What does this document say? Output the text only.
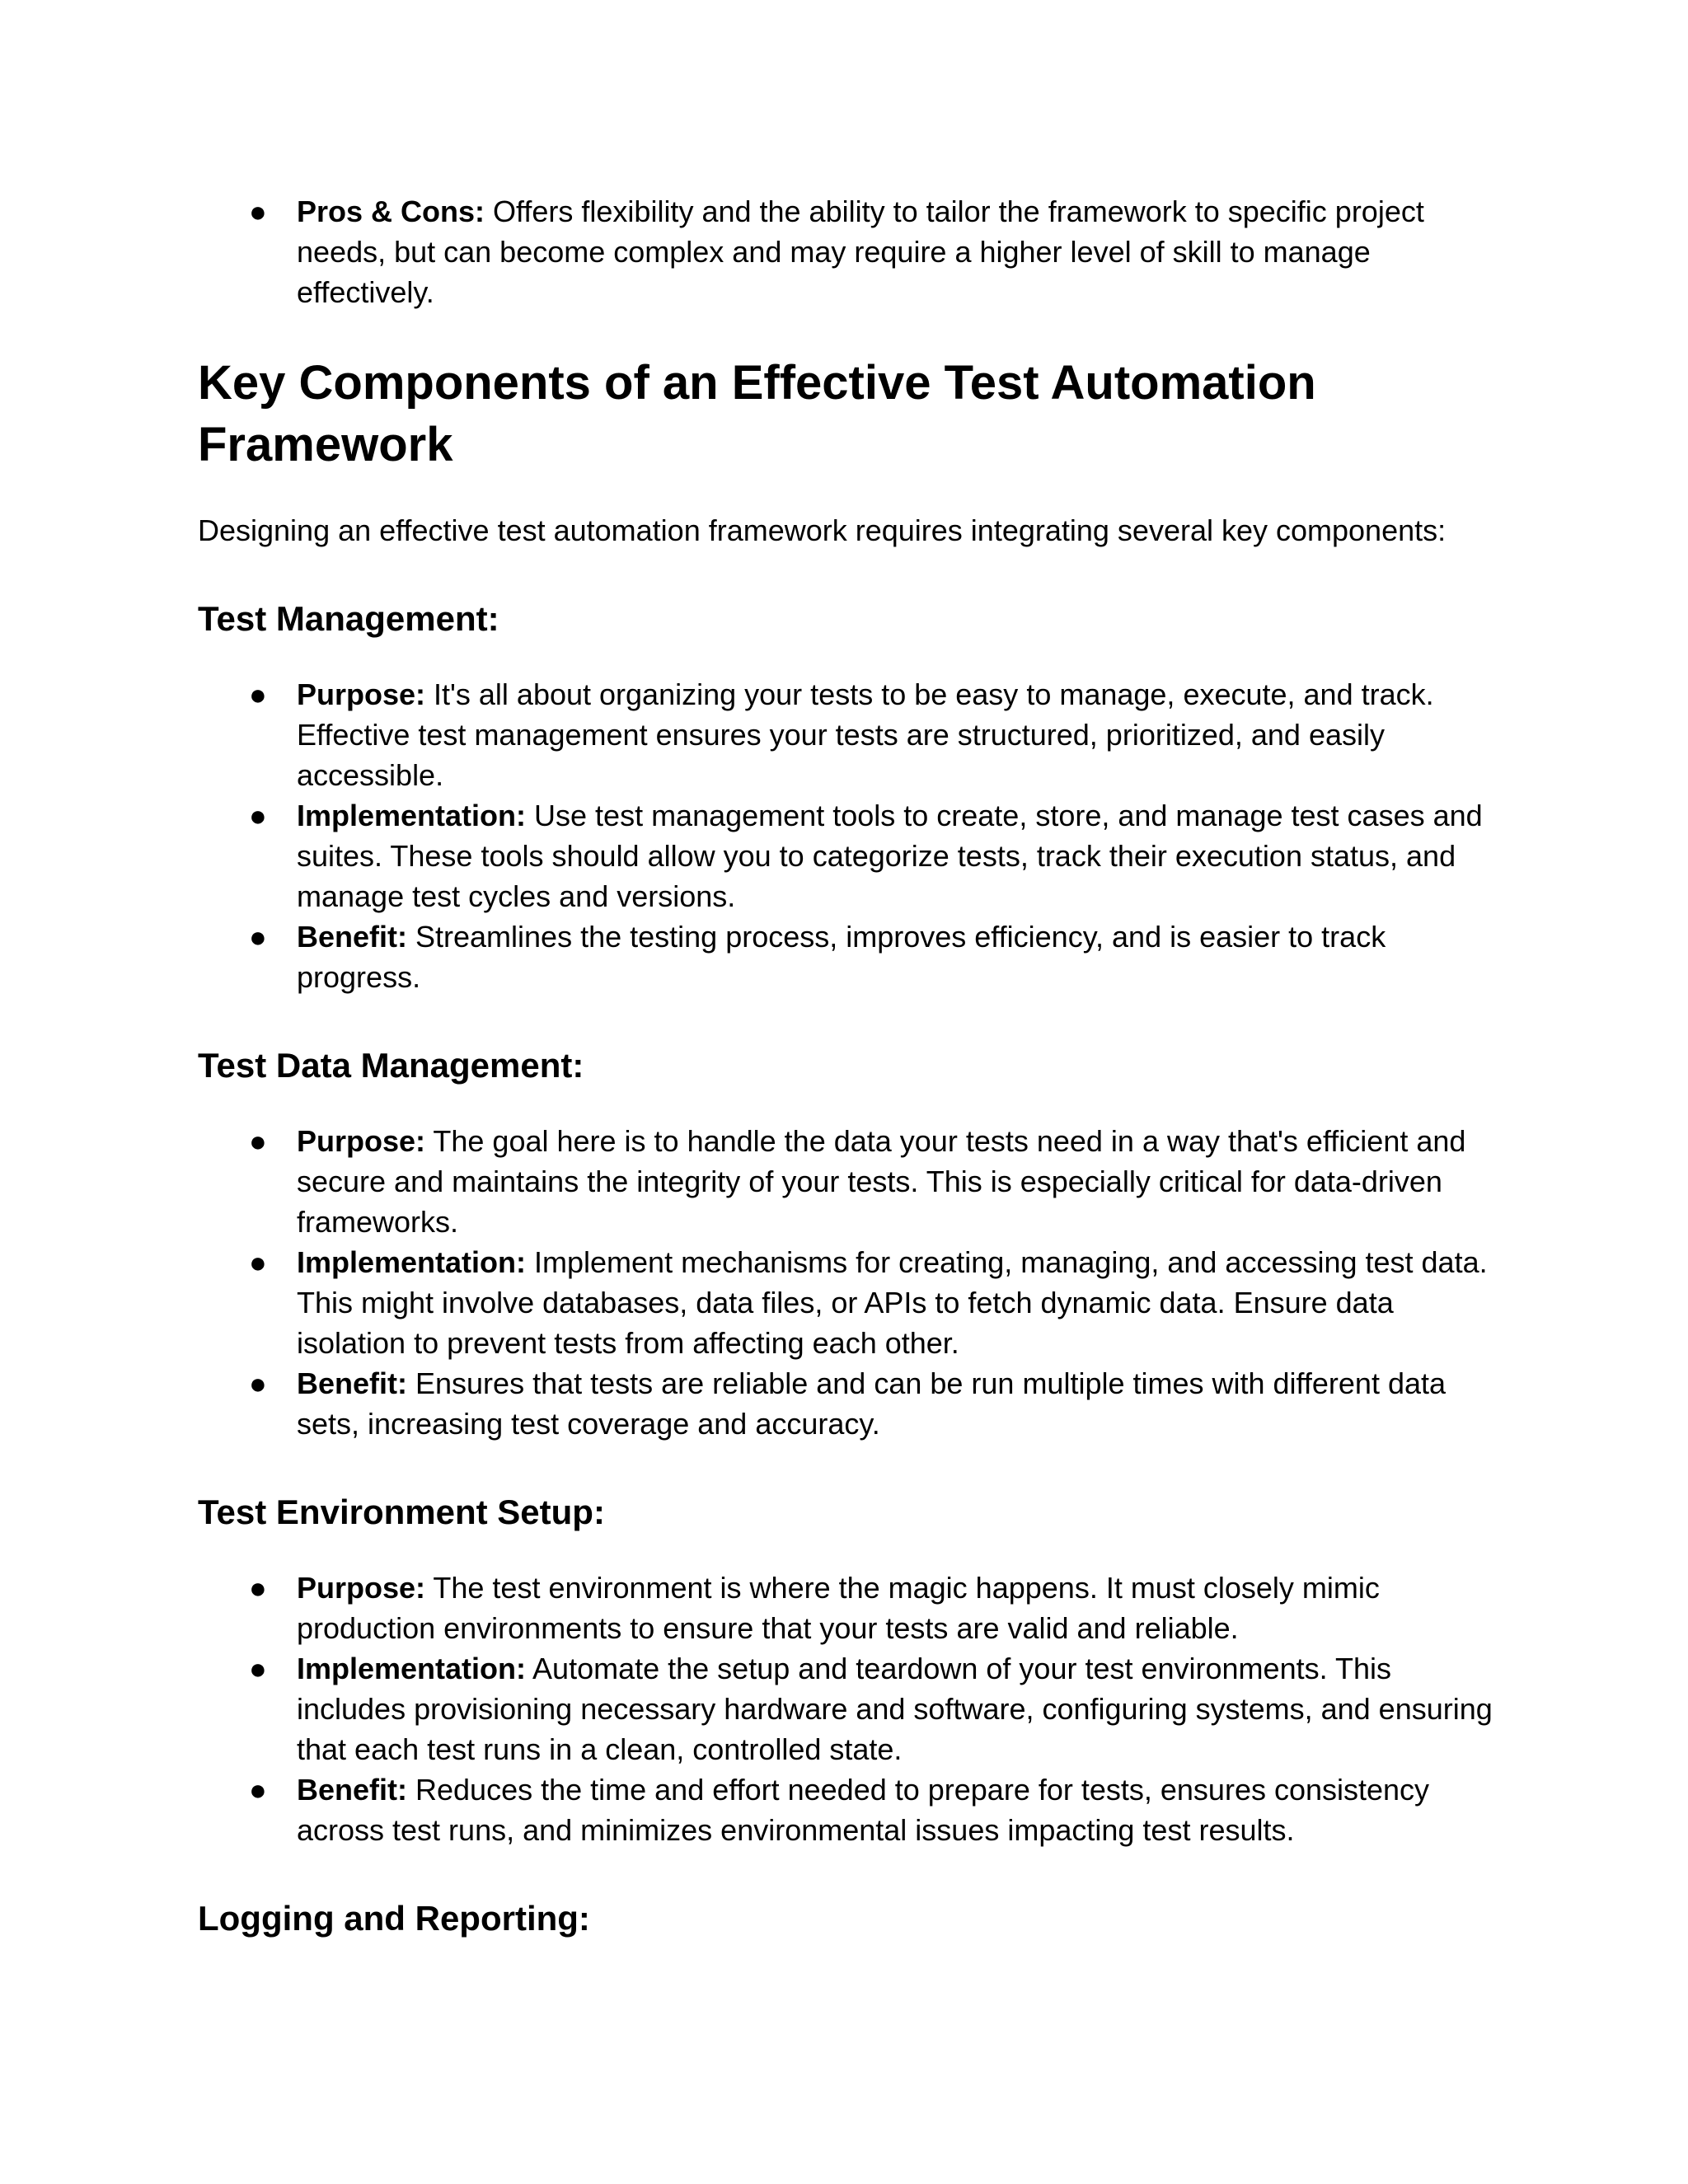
● Pros & Cons: Offers flexibility and the ability to tailor the framework to specific project needs, but can become complex and may require a higher level of skill to manage effectively.
Key Components of an Effective Test Automation Framework

Designing an effective test automation framework requires integrating several key components:

Test Management:
● Purpose: It's all about organizing your tests to be easy to manage, execute, and track. Effective test management ensures your tests are structured, prioritized, and easily accessible.
● Implementation: Use test management tools to create, store, and manage test cases and suites. These tools should allow you to categorize tests, track their execution status, and manage test cycles and versions.
● Benefit: Streamlines the testing process, improves efficiency, and is easier to track progress.
Test Data Management:
● Purpose: The goal here is to handle the data your tests need in a way that's efficient and secure and maintains the integrity of your tests. This is especially critical for data-driven frameworks.
● Implementation: Implement mechanisms for creating, managing, and accessing test data. This might involve databases, data files, or APIs to fetch dynamic data. Ensure data isolation to prevent tests from affecting each other.
● Benefit: Ensures that tests are reliable and can be run multiple times with different data sets, increasing test coverage and accuracy.
Test Environment Setup:
● Purpose: The test environment is where the magic happens. It must closely mimic production environments to ensure that your tests are valid and reliable.
● Implementation: Automate the setup and teardown of your test environments. This includes provisioning necessary hardware and software, configuring systems, and ensuring that each test runs in a clean, controlled state.
● Benefit: Reduces the time and effort needed to prepare for tests, ensures consistency across test runs, and minimizes environmental issues impacting test results.
Logging and Reporting:
